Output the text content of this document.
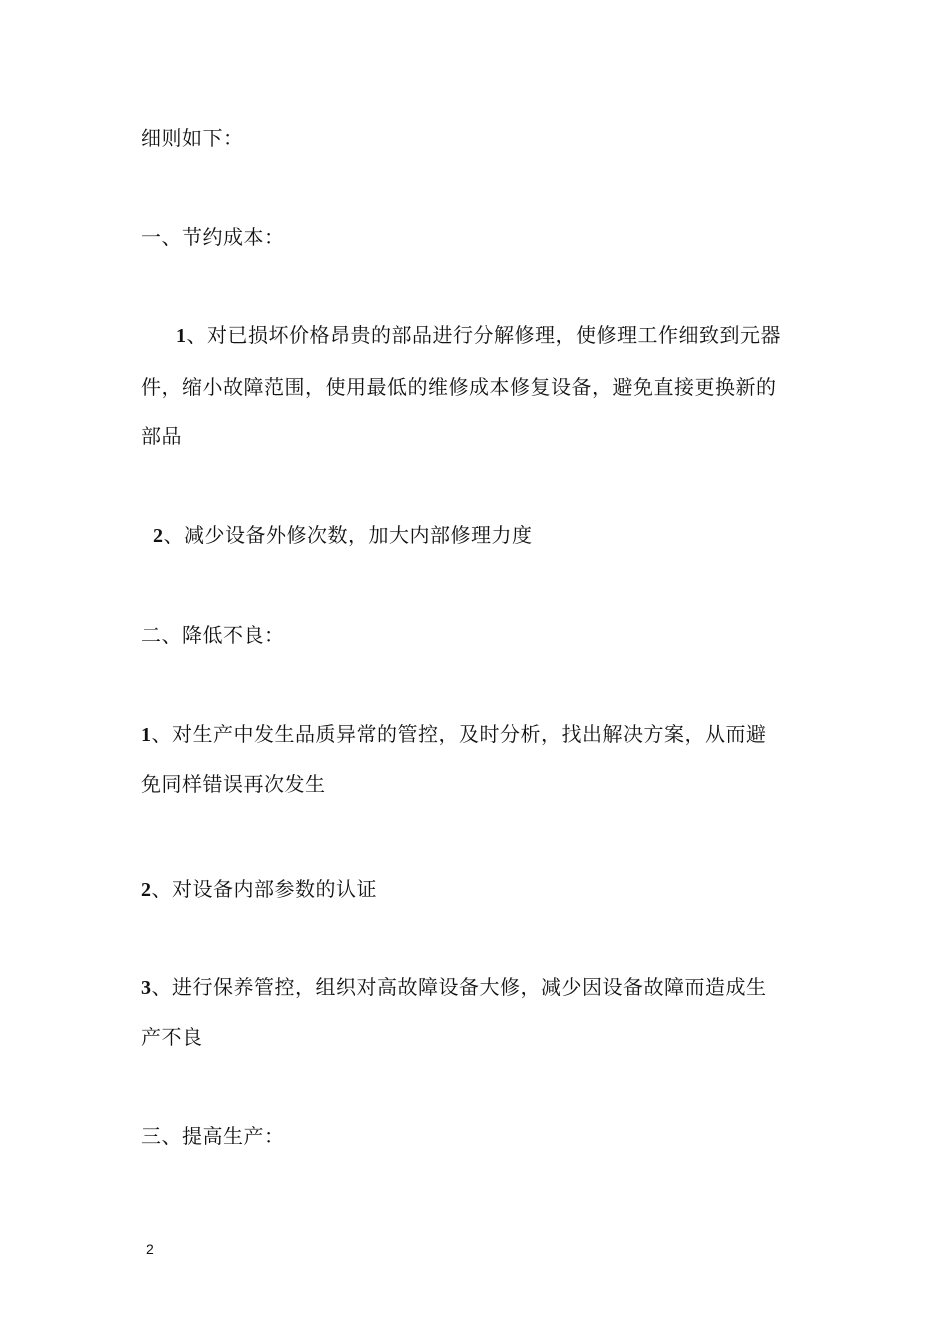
细则如下：
一、节约成本：
1、对已损坏价格昂贵的部品进行分解修理，使修理工作细致到元器
件，缩小故障范围，使用最低的维修成本修复设备，避免直接更换新的
部品
2、减少设备外修次数，加大内部修理力度
二、降低不良：
1、对生产中发生品质异常的管控，及时分析，找出解决方案，从而避
免同样错误再次发生
2、对设备内部参数的认证
3、进行保养管控，组织对高故障设备大修，减少因设备故障而造成生
产不良
三、提高生产：
2
